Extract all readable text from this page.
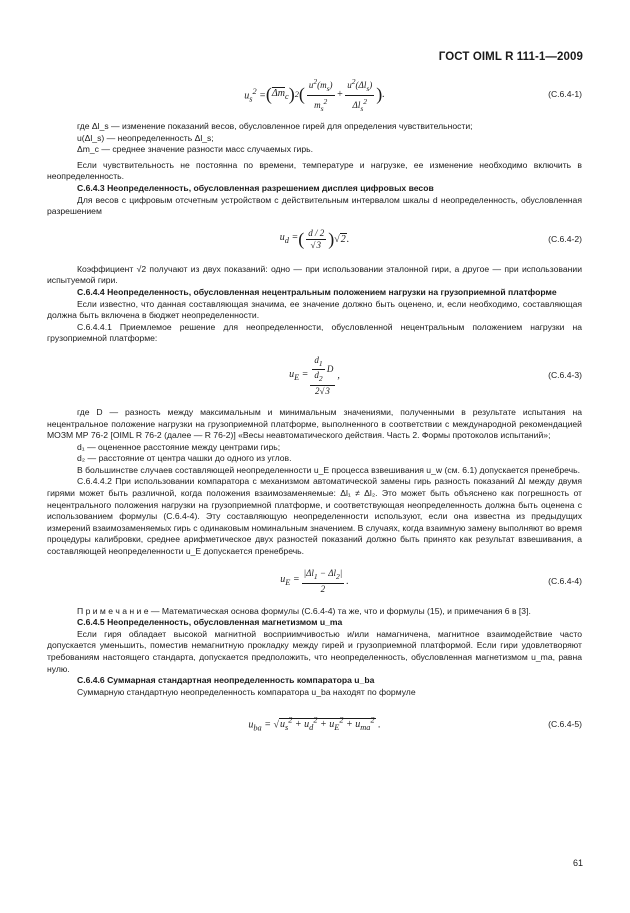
ГОСТ OIML R 111-1—2009
$u_s^2$ = ( $\Delta m_c$ ) 2 ( $\frac{u^2(m_s)}{m_s^2} + \frac{u^2(\Delta l_s)}{\Delta l_s^2}$ ) .	(C.6.4-1)

где Δl_s — изменение показаний весов, обусловленное гирей для определения чувствительности;

u(Δl_s) — неопределенность Δl_s;

Δm_c — среднее значение разности масс случаемых гирь.

Если чувствительность не постоянна по времени, температуре и нагрузке, ее изменение необходимо включить в неопределенность.

C.6.4.3 Неопределенность, обусловленная разрешением дисплея цифровых весов

Для весов с цифровым отсчетным устройством с действительным интервалом шкалы d неопределенность, обусловленная разрешением

$u_d$ = ( $\frac{d / 2}{√3}$ ) √2.	(C.6.4-2)

Коэффициент √2 получают из двух показаний: одно — при использовании эталонной гири, а другое — при использовании испытуемой гири.

C.6.4.4 Неопределенность, обусловленная нецентральным положением нагрузки на грузоприемной платформе

Если известно, что данная составляющая значима, ее значение должно быть оценено, и, если необходимо, составляющая должна быть включена в бюджет неопределенности.

C.6.4.4.1 Приемлемое решение для неопределенности, обусловленной нецентральным положением нагрузки на грузоприемной платформе:

$u_E = \frac{\frac{d_1}{d_2} D}{2√3}$ ,	(C.6.4-3)

где D — разность между максимальным и минимальным значениями, полученными в результате испытания на нецентральное положение нагрузки на грузоприемной платформе, выполненного в соответствии с международной рекомендацией МОЗМ МР 76-2 [OIML R 76-2 (далее — R 76-2)] «Весы неавтоматического действия. Часть 2. Формы протоколов испытаний»;

d₁ — оцененное расстояние между центрами гирь;

d₂ — расстояние от центра чашки до одного из углов.

В большинстве случаев составляющей неопределенности u_E процесса взвешивания u_w (см. 6.1) допускается пренебречь.

C.6.4.4.2 При использовании компаратора с механизмом автоматической замены гирь разность показаний Δl между двумя гирями может быть различной, когда положения взаимозаменяемые: Δl₁ ≠ Δl₂. Это может быть объяснено как погрешность от нецентрального положения нагрузки на грузоприемной платформе, и соответствующая неопределенность должна быть оценена с использованием формулы (C.6.4-4). Эту составляющую неопределенности используют, если она известна из предыдущих измерений взаимозаменяемых гирь с одинаковым номинальным значением. В случаях, когда взаимную замену выполняют во время процедуры калибровки, среднее арифметическое двух разностей показаний должно быть принято как результат взвешивания, а составляющей неопределенности u_E допускается пренебречь.

$u_E = \frac{|\Delta l_1 - \Delta l_2|}{2}$ .	(C.6.4-4)

П р и м е ч а н и е — Математическая основа формулы (C.6.4-4) та же, что и формулы (15), и примечания 6 в [3].

C.6.4.5 Неопределенность, обусловленная магнетизмом u_ma

Если гиря обладает высокой магнитной восприимчивостью и/или намагничена, магнитное взаимодействие часто допускается уменьшить, поместив немагнитную прокладку между гирей и грузоприемной платформой. Если гири удовлетворяют требованиям настоящего стандарта, допускается предположить, что неопределенность, обусловленная магнетизмом u_ma, равна нулю.

C.6.4.6 Суммарная стандартная неопределенность компаратора u_ba

Суммарную стандартную неопределенность компаратора u_ba находят по формуле

$u_{ba} = √u_s^2 + u_d^2 + u_E^2 + u_{ma}^2$ .	(C.6.4-5)
61
